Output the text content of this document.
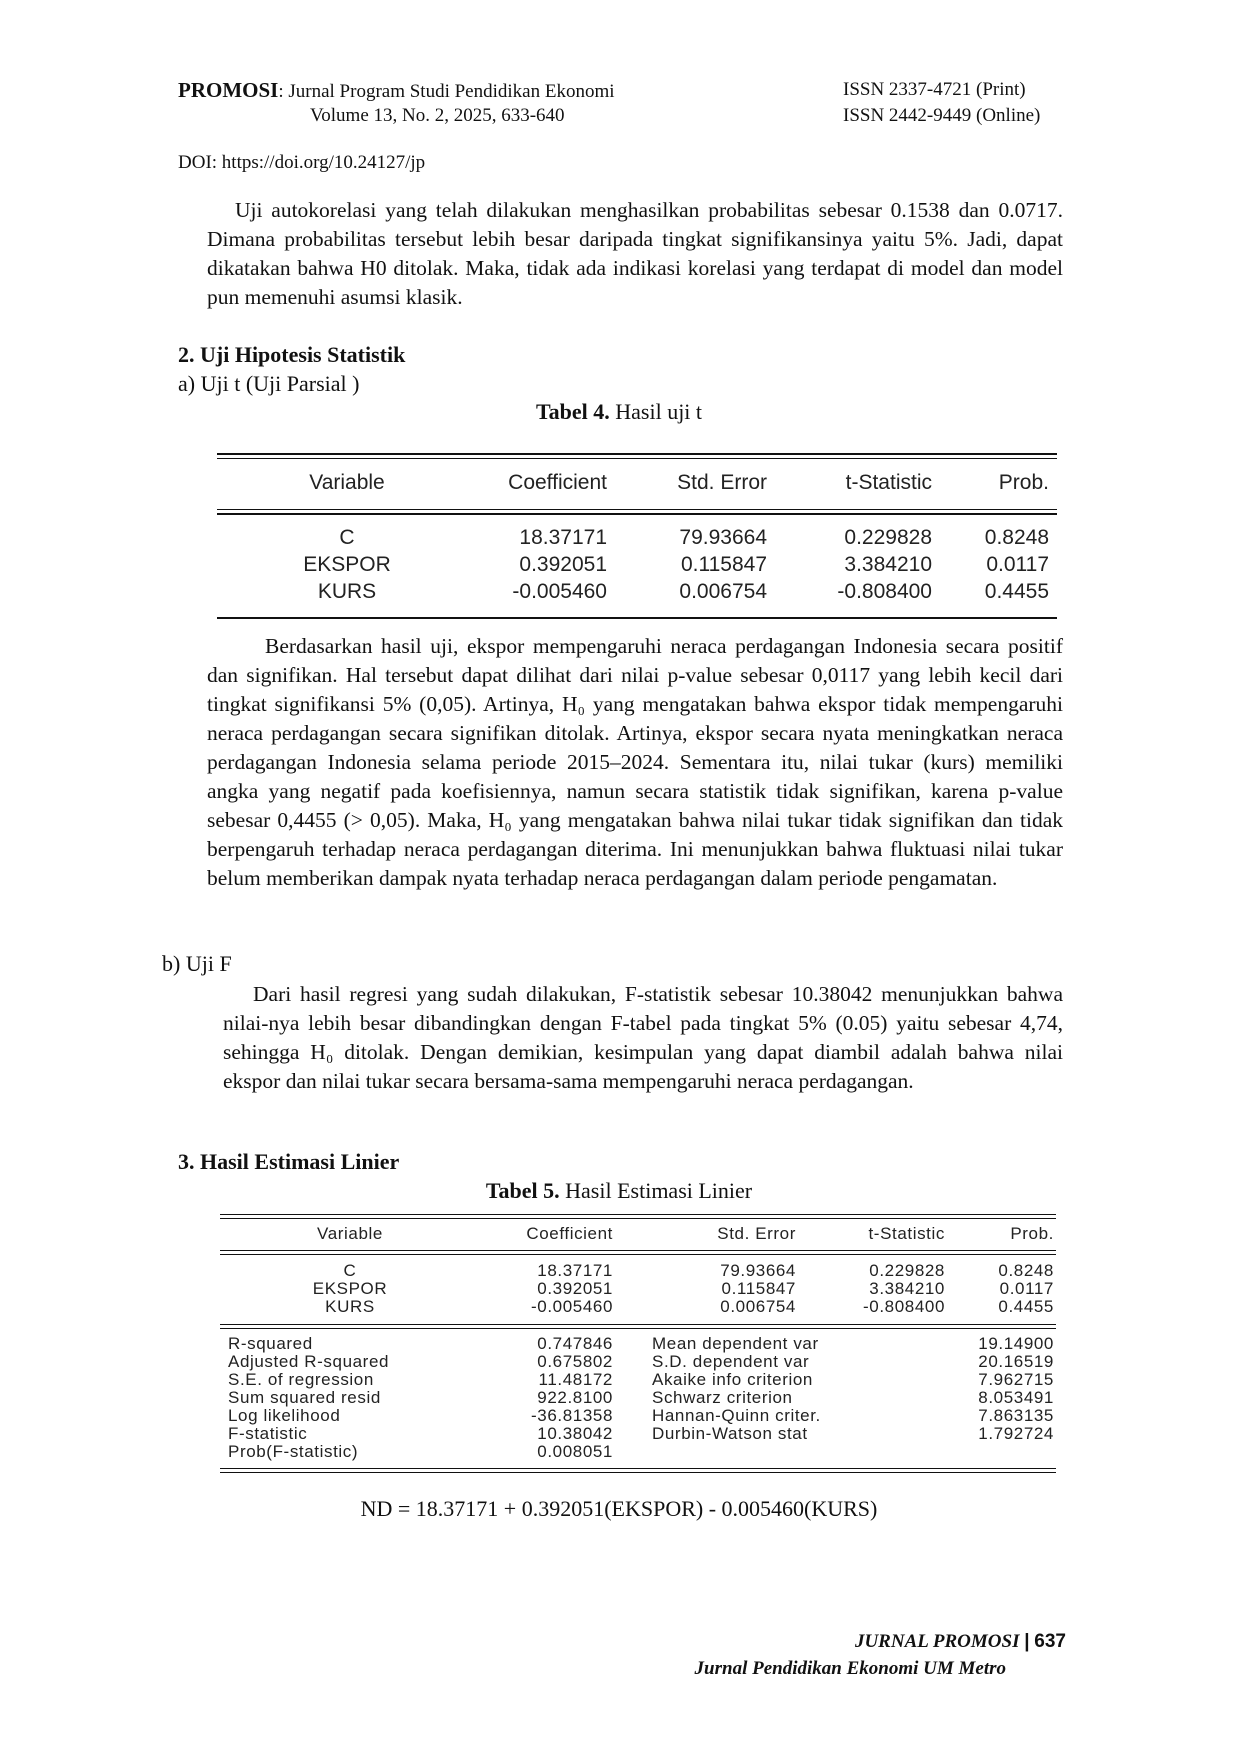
PROMOSI: Jurnal Program Studi Pendidikan Ekonomi
Volume 13, No. 2, 2025, 633-640
ISSN 2337-4721 (Print)
ISSN 2442-9449 (Online)
DOI: https://doi.org/10.24127/jp
Uji autokorelasi yang telah dilakukan menghasilkan probabilitas sebesar 0.1538 dan 0.0717. Dimana probabilitas tersebut lebih besar daripada tingkat signifikansinya yaitu 5%. Jadi, dapat dikatakan bahwa H0 ditolak. Maka, tidak ada indikasi korelasi yang terdapat di model dan model pun memenuhi asumsi klasik.
2. Uji Hipotesis Statistik
a) Uji t (Uji Parsial )
Tabel 4. Hasil uji t
Variable	Coefficient	Std. Error	t-Statistic	Prob.
C	18.37171	79.93664	0.229828	0.8248
EKSPOR	0.392051	0.115847	3.384210	0.0117
KURS	-0.005460	0.006754	-0.808400	0.4455
Berdasarkan hasil uji, ekspor mempengaruhi neraca perdagangan Indonesia secara positif dan signifikan. Hal tersebut dapat dilihat dari nilai p-value sebesar 0,0117 yang lebih kecil dari tingkat signifikansi 5% (0,05). Artinya, H₀ yang mengatakan bahwa ekspor tidak mempengaruhi neraca perdagangan secara signifikan ditolak. Artinya, ekspor secara nyata meningkatkan neraca perdagangan Indonesia selama periode 2015–2024. Sementara itu, nilai tukar (kurs) memiliki angka yang negatif pada koefisiennya, namun secara statistik tidak signifikan, karena p-value sebesar 0,4455 (> 0,05). Maka, H₀ yang mengatakan bahwa nilai tukar tidak signifikan dan tidak berpengaruh terhadap neraca perdagangan diterima. Ini menunjukkan bahwa fluktuasi nilai tukar belum memberikan dampak nyata terhadap neraca perdagangan dalam periode pengamatan.
b) Uji F
Dari hasil regresi yang sudah dilakukan, F-statistik sebesar 10.38042 menunjukkan bahwa nilai-nya lebih besar dibandingkan dengan F-tabel pada tingkat 5% (0.05) yaitu sebesar 4,74, sehingga H₀ ditolak. Dengan demikian, kesimpulan yang dapat diambil adalah bahwa nilai ekspor dan nilai tukar secara bersama-sama mempengaruhi neraca perdagangan.
3. Hasil Estimasi Linier
Tabel 5. Hasil Estimasi Linier
Variable	Coefficient	Std. Error	t-Statistic	Prob.
C	18.37171	79.93664	0.229828	0.8248
EKSPOR	0.392051	0.115847	3.384210	0.0117
KURS	-0.005460	0.006754	-0.808400	0.4455
R-squared	0.747846 Mean dependent var	19.14900
Adjusted R-squared	0.675802 S.D. dependent var	20.16519
S.E. of regression	11.48172 Akaike info criterion	7.962715
Sum squared resid	922.8100 Schwarz criterion	8.053491
Log likelihood	-36.81358 Hannan-Quinn criter.	7.863135
F-statistic	10.38042 Durbin-Watson stat	1.792724
Prob(F-statistic)	0.008051
ND = 18.37171 + 0.392051(EKSPOR) - 0.005460(KURS)
JURNAL PROMOSI | 637
Jurnal Pendidikan Ekonomi UM Metro
